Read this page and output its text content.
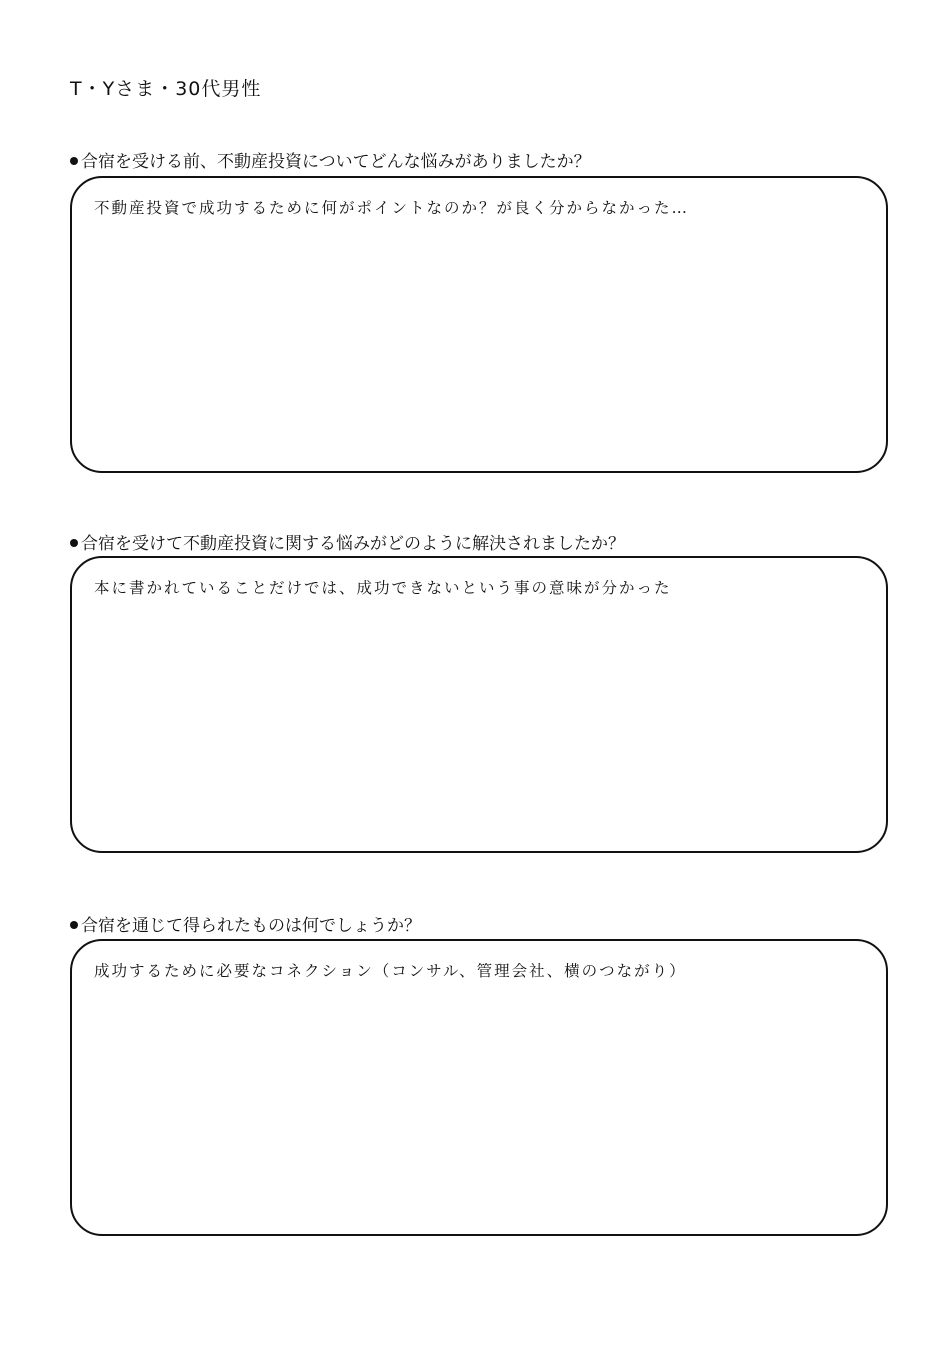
T・Yさま・30代男性
合宿を受ける前、不動産投資についてどんな悩みがありましたか？
不動産投資で成功するために何がポイントなのか？が良く分からなかった…
合宿を受けて不動産投資に関する悩みがどのように解決されましたか？
本に書かれていることだけでは、成功できないという事の意味が分かった
合宿を通じて得られたものは何でしょうか？
成功するために必要なコネクション（コンサル、管理会社、横のつながり）
